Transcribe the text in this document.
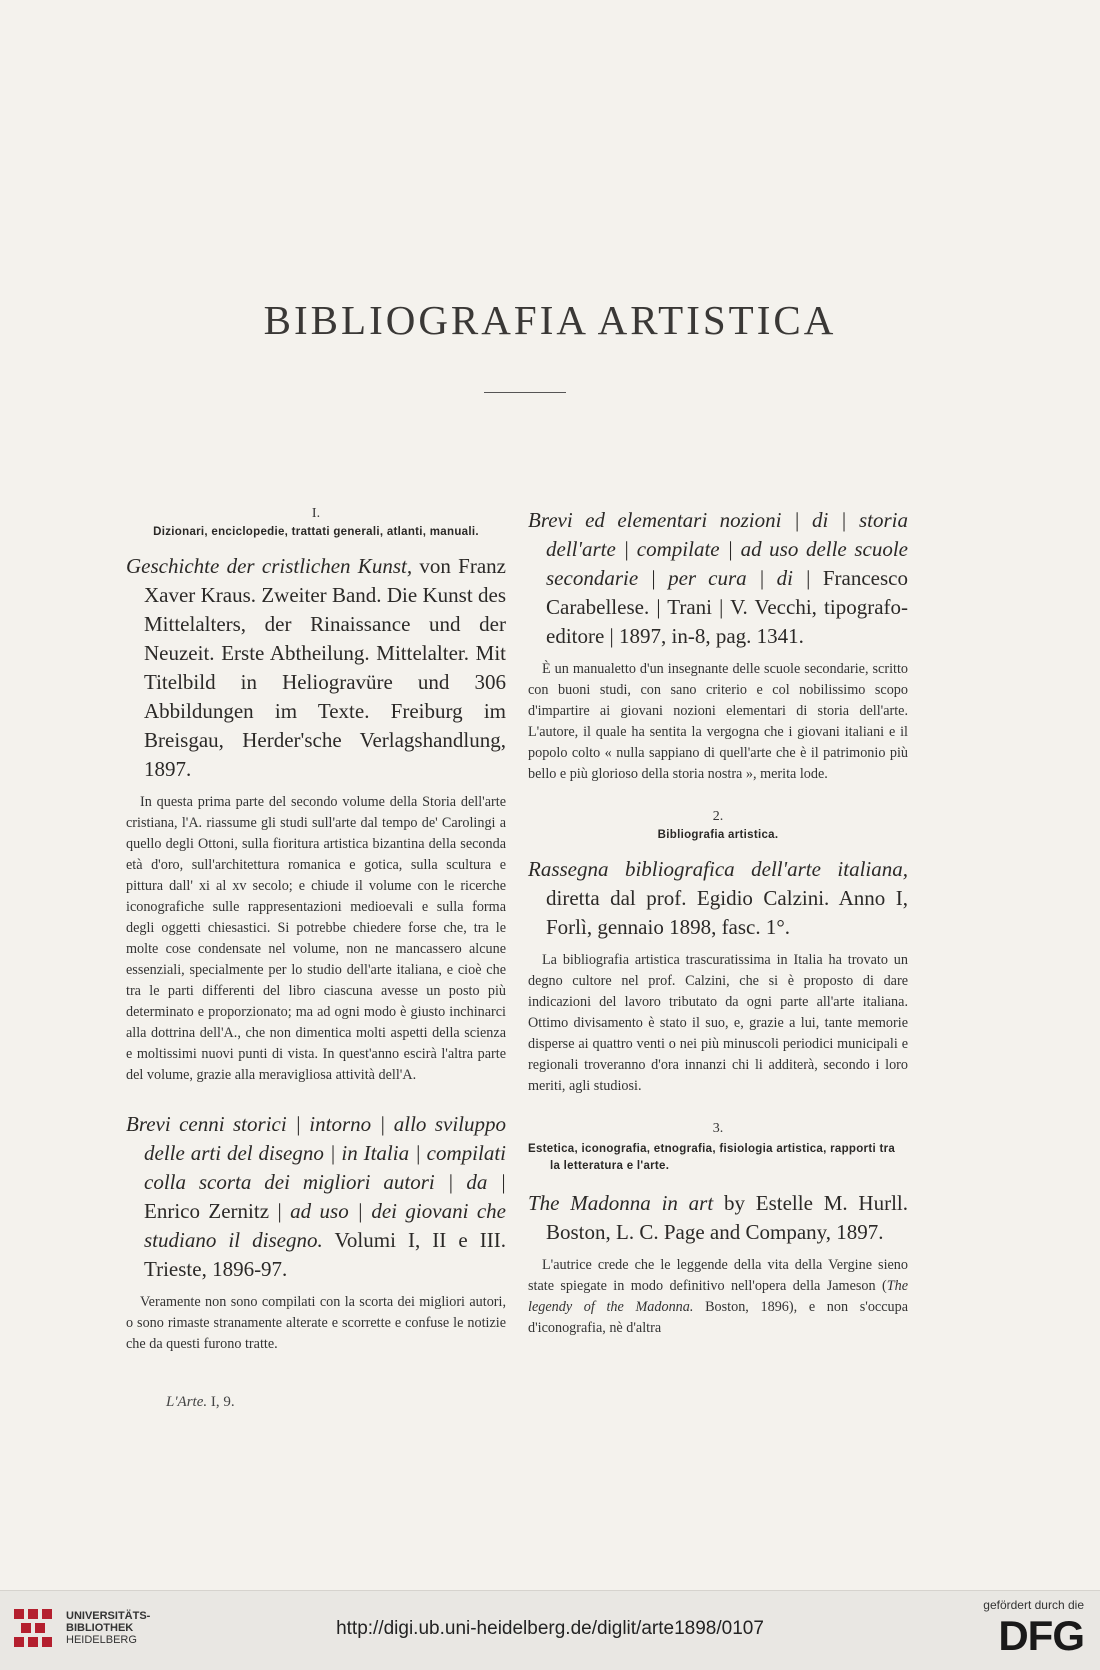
BIBLIOGRAFIA ARTISTICA
I.
Dizionari, enciclopedie, trattati generali, atlanti, manuali.

Geschichte der cristlichen Kunst, von Franz Xaver Kraus. Zweiter Band. Die Kunst des Mittelalters, der Rinaissance und der Neuzeit. Erste Abtheilung. Mittelalter. Mit Titelbild in Heliogravüre und 306 Abbildungen im Texte. Freiburg im Breisgau, Herder'sche Verlagshandlung, 1897.

In questa prima parte del secondo volume della Storia dell'arte cristiana, l'A. riassume gli studi sull'arte dal tempo de' Carolingi a quello degli Ottoni, sulla fioritura artistica bizantina della seconda età d'oro, sull'architettura romanica e gotica, sulla scultura e pittura dall' xi al xv secolo; e chiude il volume con le ricerche iconografiche sulle rappresentazioni medioevali e sulla forma degli oggetti chiesastici. Si potrebbe chiedere forse che, tra le molte cose condensate nel volume, non ne mancassero alcune essenziali, specialmente per lo studio dell'arte italiana, e cioè che tra le parti differenti del libro ciascuna avesse un posto più determinato e proporzionato; ma ad ogni modo è giusto inchinarci alla dottrina dell'A., che non dimentica molti aspetti della scienza e moltissimi nuovi punti di vista. In quest'anno escirà l'altra parte del volume, grazie alla meravigliosa attività dell'A.

Brevi cenni storici | intorno | allo sviluppo delle arti del disegno | in Italia | compilati colla scorta dei migliori autori | da | Enrico Zernitz | ad uso | dei giovani che studiano il disegno. Volumi I, II e III. Trieste, 1896-97.

Veramente non sono compilati con la scorta dei migliori autori, o sono rimaste stranamente alterate e scorrette e confuse le notizie che da questi furono tratte.

Brevi ed elementari nozioni | di | storia dell'arte | compilate | ad uso delle scuole secondarie | per cura | di | Francesco Carabellese. | Trani | V. Vecchi, tipografo-editore | 1897, in-8, pag. 1341.

È un manualetto d'un insegnante delle scuole secondarie, scritto con buoni studi, con sano criterio e col nobilissimo scopo d'impartire ai giovani nozioni elementari di storia dell'arte. L'autore, il quale ha sentita la vergogna che i giovani italiani e il popolo colto « nulla sappiano di quell'arte che è il patrimonio più bello e più glorioso della storia nostra », merita lode.

2.
Bibliografia artistica.

Rassegna bibliografica dell'arte italiana, diretta dal prof. Egidio Calzini. Anno I, Forlì, gennaio 1898, fasc. 1°.

La bibliografia artistica trascuratissima in Italia ha trovato un degno cultore nel prof. Calzini, che si è proposto di dare indicazioni del lavoro tributato da ogni parte all'arte italiana. Ottimo divisamento è stato il suo, e, grazie a lui, tante memorie disperse ai quattro venti o nei più minuscoli periodici municipali e regionali troveranno d'ora innanzi chi li additerà, secondo i loro meriti, agli studiosi.

3.
Estetica, iconografia, etnografia, fisiologia artistica, rapporti tra la letteratura e l'arte.

The Madonna in art by Estelle M. Hurll. Boston, L. C. Page and Company, 1897.

L'autrice crede che le leggende della vita della Vergine sieno state spiegate in modo definitivo nell'opera della Jameson (The legendy of the Madonna. Boston, 1896), e non s'occupa d'iconografia, nè d'altra

L'Arte. I, 9.
UNIVERSITÄTS-
BIBLIOTHEK
HEIDELBERG
http://digi.ub.uni-heidelberg.de/diglit/arte1898/0107
gefördert durch die
DFG
